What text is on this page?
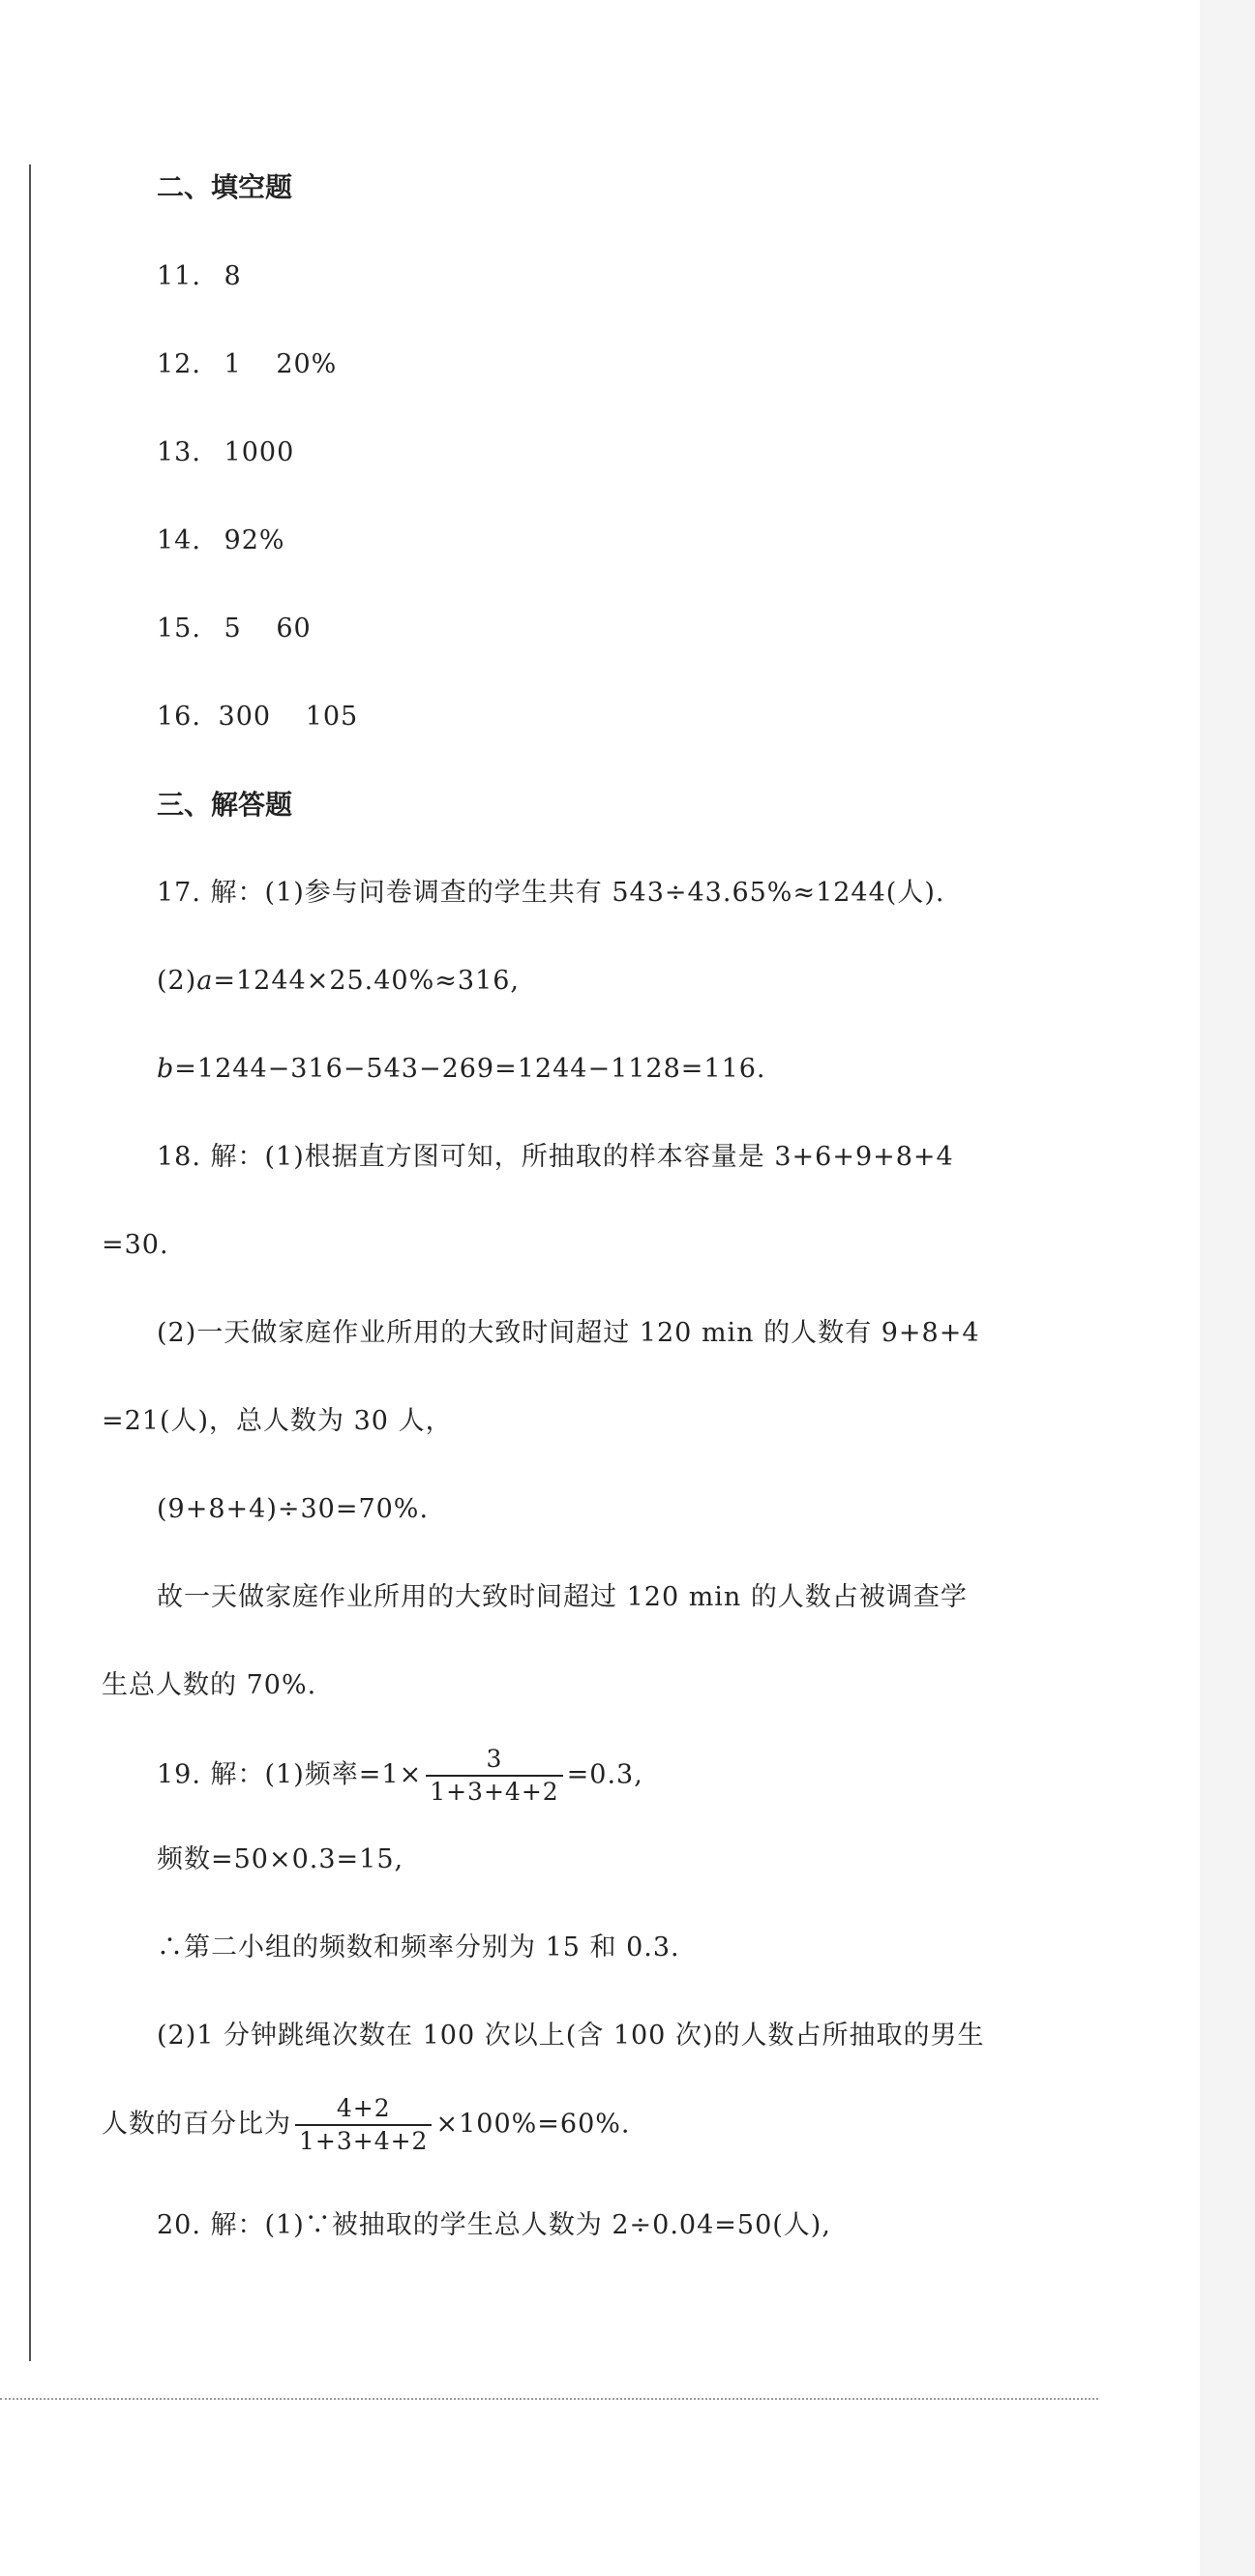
二、填空题
11. 8
12. 1 20%
13. 1000
14. 92%
15. 5 60
16. 300 105
三、解答题
17. 解：(1)参与问卷调查的学生共有 543÷43.65%≈1244(人).
(2)a=1244×25.40%≈316,
b=1244−316−543−269=1244−1128=116.
18. 解：(1)根据直方图可知，所抽取的样本容量是 3+6+9+8+4
=30.
(2)一天做家庭作业所用的大致时间超过 120 min 的人数有 9+8+4
=21(人)，总人数为 30 人，
(9+8+4)÷30=70%.
故一天做家庭作业所用的大致时间超过 120 min 的人数占被调查学
生总人数的 70%.
19. 解：(1)频率$=1\times \frac{3}{1+3+4+2} =0.3$,
频数=50×0.3=15,
∴第二小组的频数和频率分别为 15 和 0.3.
(2)1 分钟跳绳次数在 100 次以上(含 100 次)的人数占所抽取的男生
人数的百分比为 $\frac{4+2}{1+3+4+2} \times 100\%=60\%$.
20. 解：(1)∵被抽取的学生总人数为 2÷0.04=50(人),
